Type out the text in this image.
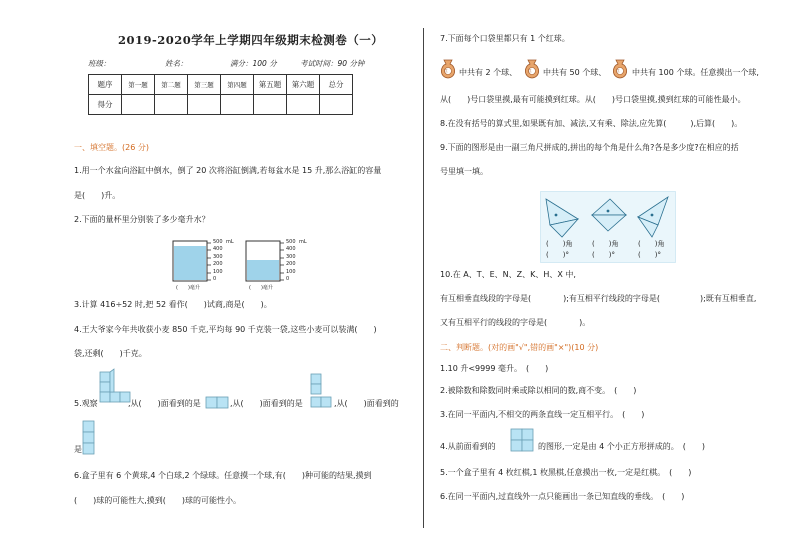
2019-2020学年上学期四年级期末检测卷（一）
班级：	姓名：	满分：100 分	考试时间：90 分钟
题序	第一题	第二题	第三题	第四题	第五题	第六题	总分
得分							
一、填空题。(26 分)
1.用一个水盆向浴缸中倒水，倒了 20 次将浴缸倒满,若每盆水是 15 升,那么浴缸的容量
是(　　)升。
2.下面的量杯里分别装了多少毫升水？
500
400
300
200
100
0
mL	500
400
300
200
100
0
mL
(　　)毫升	(　　)毫升
3.计算 416÷52 时,把 52 看作(　　)试商,商是(　　)。
4.王大爷家今年共收获小麦 850 千克,平均每 90 千克装一袋,这些小麦可以装满(　　)
袋,还剩(　　)千克。
5.观察	,从(　　)面看到的是	,从(　　)面看到的是	,从(　　)面看到的
是
6.盒子里有 6 个黄球,4 个白球,2 个绿球。任意摸一个球,有(　　)种可能的结果,摸到
(　　)球的可能性大,摸到(　　)球的可能性小。
7.下面每个口袋里都只有 1 个红球。
中共有 2 个球、	中共有 50 个球、	中共有 100 个球。任意摸出一个球,
从(　　)号口袋里摸,最有可能摸到红球。从(　　)号口袋里摸,摸到红球的可能性最小。
8.在没有括号的算式里,如果既有加、减法,又有乘、除法,应先算(　　　),后算(　　)。
9.下面的图形是由一副三角尺拼成的,拼出的每个角是什么角?各是多少度?在相应的括
号里填一填。
(　　)角
(　　)°
(　　)角
(　　)°
(　　)角
(　　)°
10.在 A、T、E、N、Z、K、H、X 中,
有互相垂直线段的字母是(　　　　);有互相平行线段的字母是(　　　　　);既有互相垂直,
又有互相平行的线段的字母是(　　　　)。
二、判断题。(对的画"√",错的画"×")(10 分)
1.10 升<9999 毫升。　(　　)
2.被除数和除数同时乘或除以相同的数,商不变。　(　　)
3.在同一平面内,不相交的两条直线一定互相平行。　(　　)
4.从前面看到的	的图形,一定是由 4 个小正方形拼成的。　(　　)
5.一个盒子里有 4 枚红棋,1 枚黑棋,任意摸出一枚,一定是红棋。　(　　)
6.在同一平面内,过直线外一点只能画出一条已知直线的垂线。　(　　)
红	红	红
